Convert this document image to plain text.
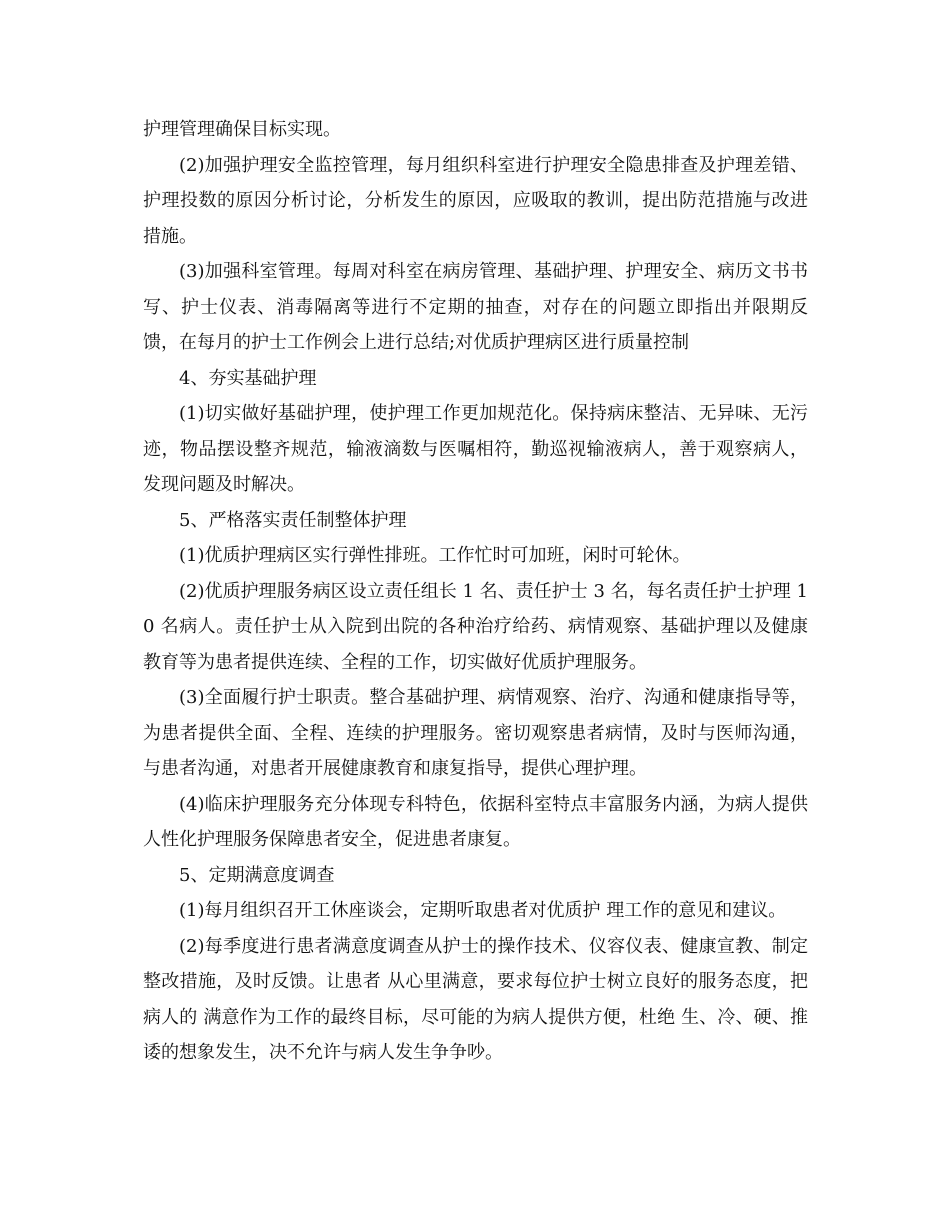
护理管理确保目标实现。

(2)加强护理安全监控管理，每月组织科室进行护理安全隐患排查及护理差错、护理投数的原因分析讨论，分析发生的原因，应吸取的教训，提出防范措施与改进措施。

(3)加强科室管理。每周对科室在病房管理、基础护理、护理安全、病历文书书写、护士仪表、消毒隔离等进行不定期的抽查，对存在的问题立即指出并限期反馈，在每月的护士工作例会上进行总结;对优质护理病区进行质量控制

4、夯实基础护理

(1)切实做好基础护理，使护理工作更加规范化。保持病床整洁、无异味、无污迹，物品摆设整齐规范，输液滴数与医嘱相符，勤巡视输液病人，善于观察病人，发现问题及时解决。

5、严格落实责任制整体护理

(1)优质护理病区实行弹性排班。工作忙时可加班，闲时可轮休。

(2)优质护理服务病区设立责任组长 1 名、责任护士 3 名，每名责任护士护理 10 名病人。责任护士从入院到出院的各种治疗给药、病情观察、基础护理以及健康教育等为患者提供连续、全程的工作，切实做好优质护理服务。

(3)全面履行护士职责。整合基础护理、病情观察、治疗、沟通和健康指导等，为患者提供全面、全程、连续的护理服务。密切观察患者病情，及时与医师沟通，与患者沟通，对患者开展健康教育和康复指导，提供心理护理。

(4)临床护理服务充分体现专科特色，依据科室特点丰富服务内涵，为病人提供人性化护理服务保障患者安全，促进患者康复。

5、定期满意度调查

(1)每月组织召开工休座谈会，定期听取患者对优质护 理工作的意见和建议。

(2)每季度进行患者满意度调查从护士的操作技术、仪容仪表、健康宣教、制定整改措施，及时反馈。让患者 从心里满意，要求每位护士树立良好的服务态度，把病人的 满意作为工作的最终目标，尽可能的为病人提供方便，杜绝 生、冷、硬、推诿的想象发生，决不允许与病人发生争争吵。
